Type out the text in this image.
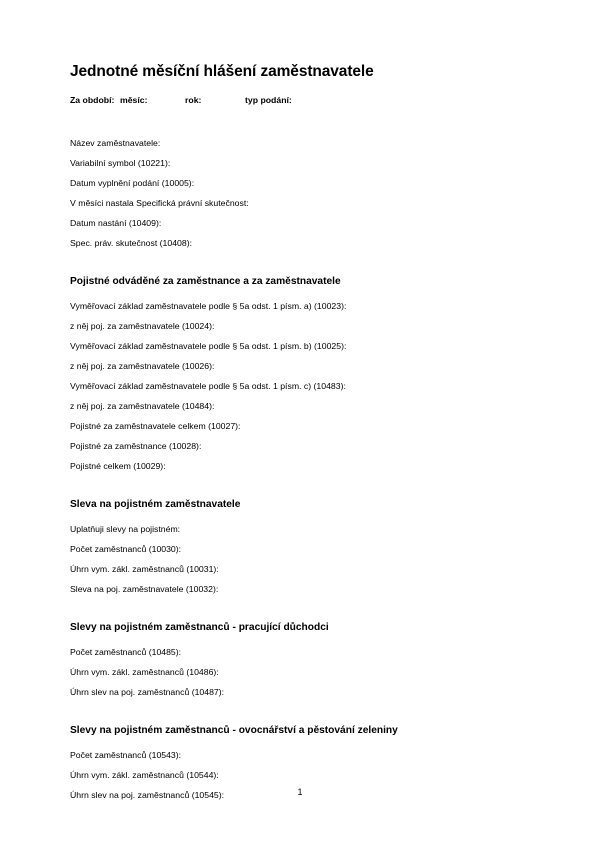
Jednotné měsíční hlášení zaměstnavatele
Za období: měsíc:	rok:	typ podání:
Název zaměstnavatele:
Variabilní symbol (10221):
Datum vyplnění podání (10005):
V měsíci nastala Specifická právní skutečnost:
Datum nastání (10409):
Spec. práv. skutečnost (10408):
Pojistné odváděné za zaměstnance a za zaměstnavatele
Vyměřovací základ zaměstnavatele podle § 5a odst. 1 písm. a) (10023):
z něj poj. za zaměstnavatele (10024):
Vyměřovací základ zaměstnavatele podle § 5a odst. 1 písm. b) (10025):
z něj poj. za zaměstnavatele (10026):
Vyměřovací základ zaměstnavatele podle § 5a odst. 1 písm. c) (10483):
z něj poj. za zaměstnavatele (10484):
Pojistné za zaměstnavatele celkem (10027):
Pojistné za zaměstnance (10028):
Pojistné celkem (10029):
Sleva na pojistném zaměstnavatele
Uplatňuji slevy na pojistném:
Počet zaměstnanců (10030):
Úhrn vym. zákl. zaměstnanců (10031):
Sleva na poj. zaměstnavatele (10032):
Slevy na pojistném zaměstnanců - pracující důchodci
Počet zaměstnanců (10485):
Úhrn vym. zákl. zaměstnanců (10486):
Úhrn slev na poj. zaměstnanců (10487):
Slevy na pojistném zaměstnanců - ovocnářství a pěstování zeleniny
Počet zaměstnanců (10543):
Úhrn vym. zákl. zaměstnanců (10544):
Úhrn slev na poj. zaměstnanců (10545):	1
